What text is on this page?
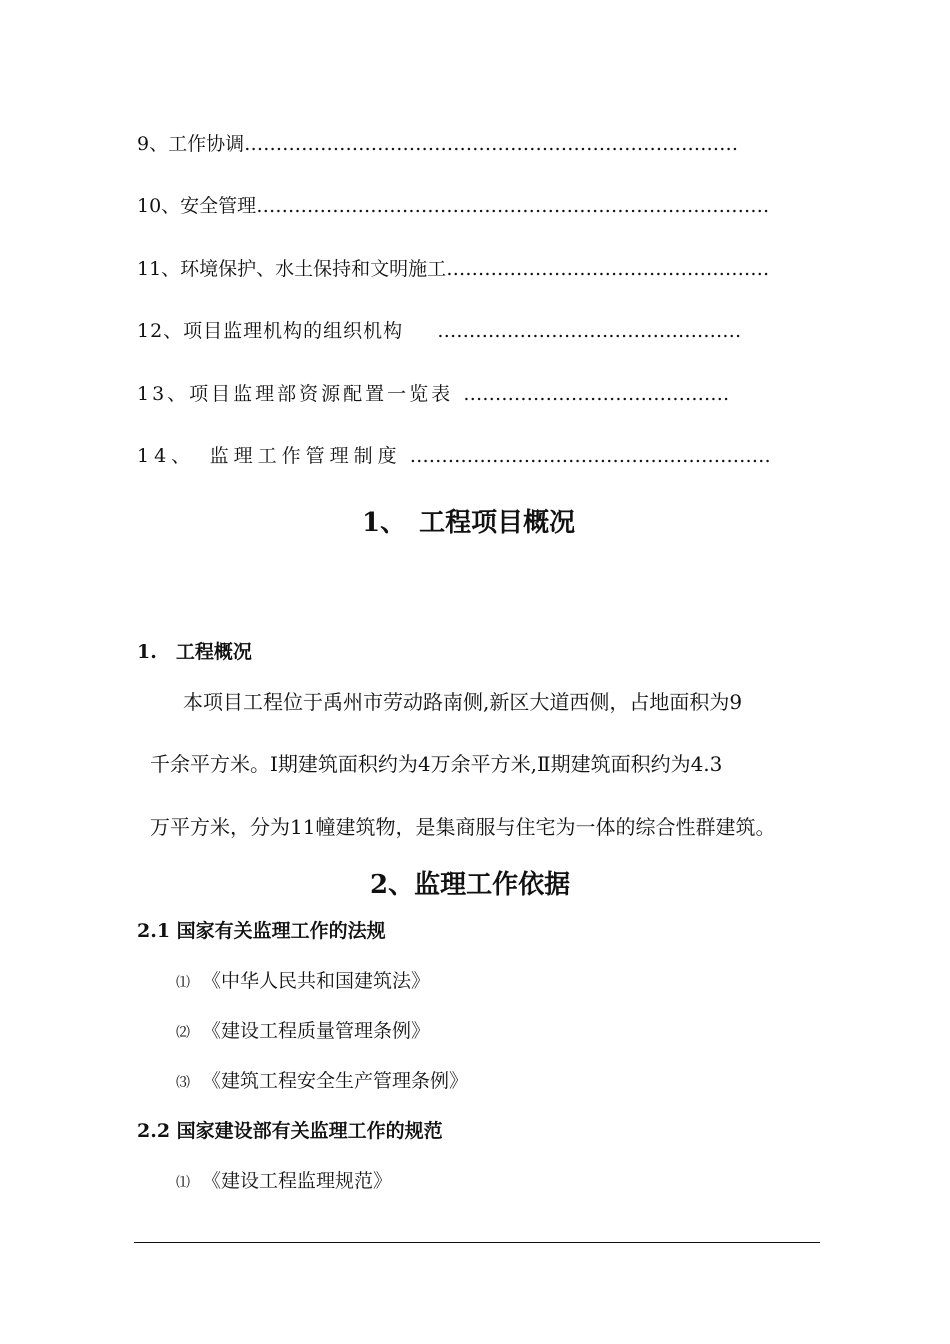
9、工作协调……………………………………………………………………
10、安全管理………………………………………………………………………
11、环境保护、水土保持和文明施工……………………………………………
12、项目监理机构的组织机构 …………………………………………
13、项目监理部资源配置一览表 ……………………………………
14、　监理工作管理制度 …………………………………………………
1、　工程项目概况
1.　工程概况
本项目工程位于禹州市劳动路南侧,新区大道西侧，占地面积为9
千余平方米。Ⅰ期建筑面积约为4万余平方米,Ⅱ期建筑面积约为4.3
万平方米，分为11幢建筑物，是集商服与住宅为一体的综合性群建筑。
2、监理工作依据
2.1 国家有关监理工作的法规
⑴ 《中华人民共和国建筑法》
⑵ 《建设工程质量管理条例》
⑶ 《建筑工程安全生产管理条例》
2.2 国家建设部有关监理工作的规范
⑴ 《建设工程监理规范》
